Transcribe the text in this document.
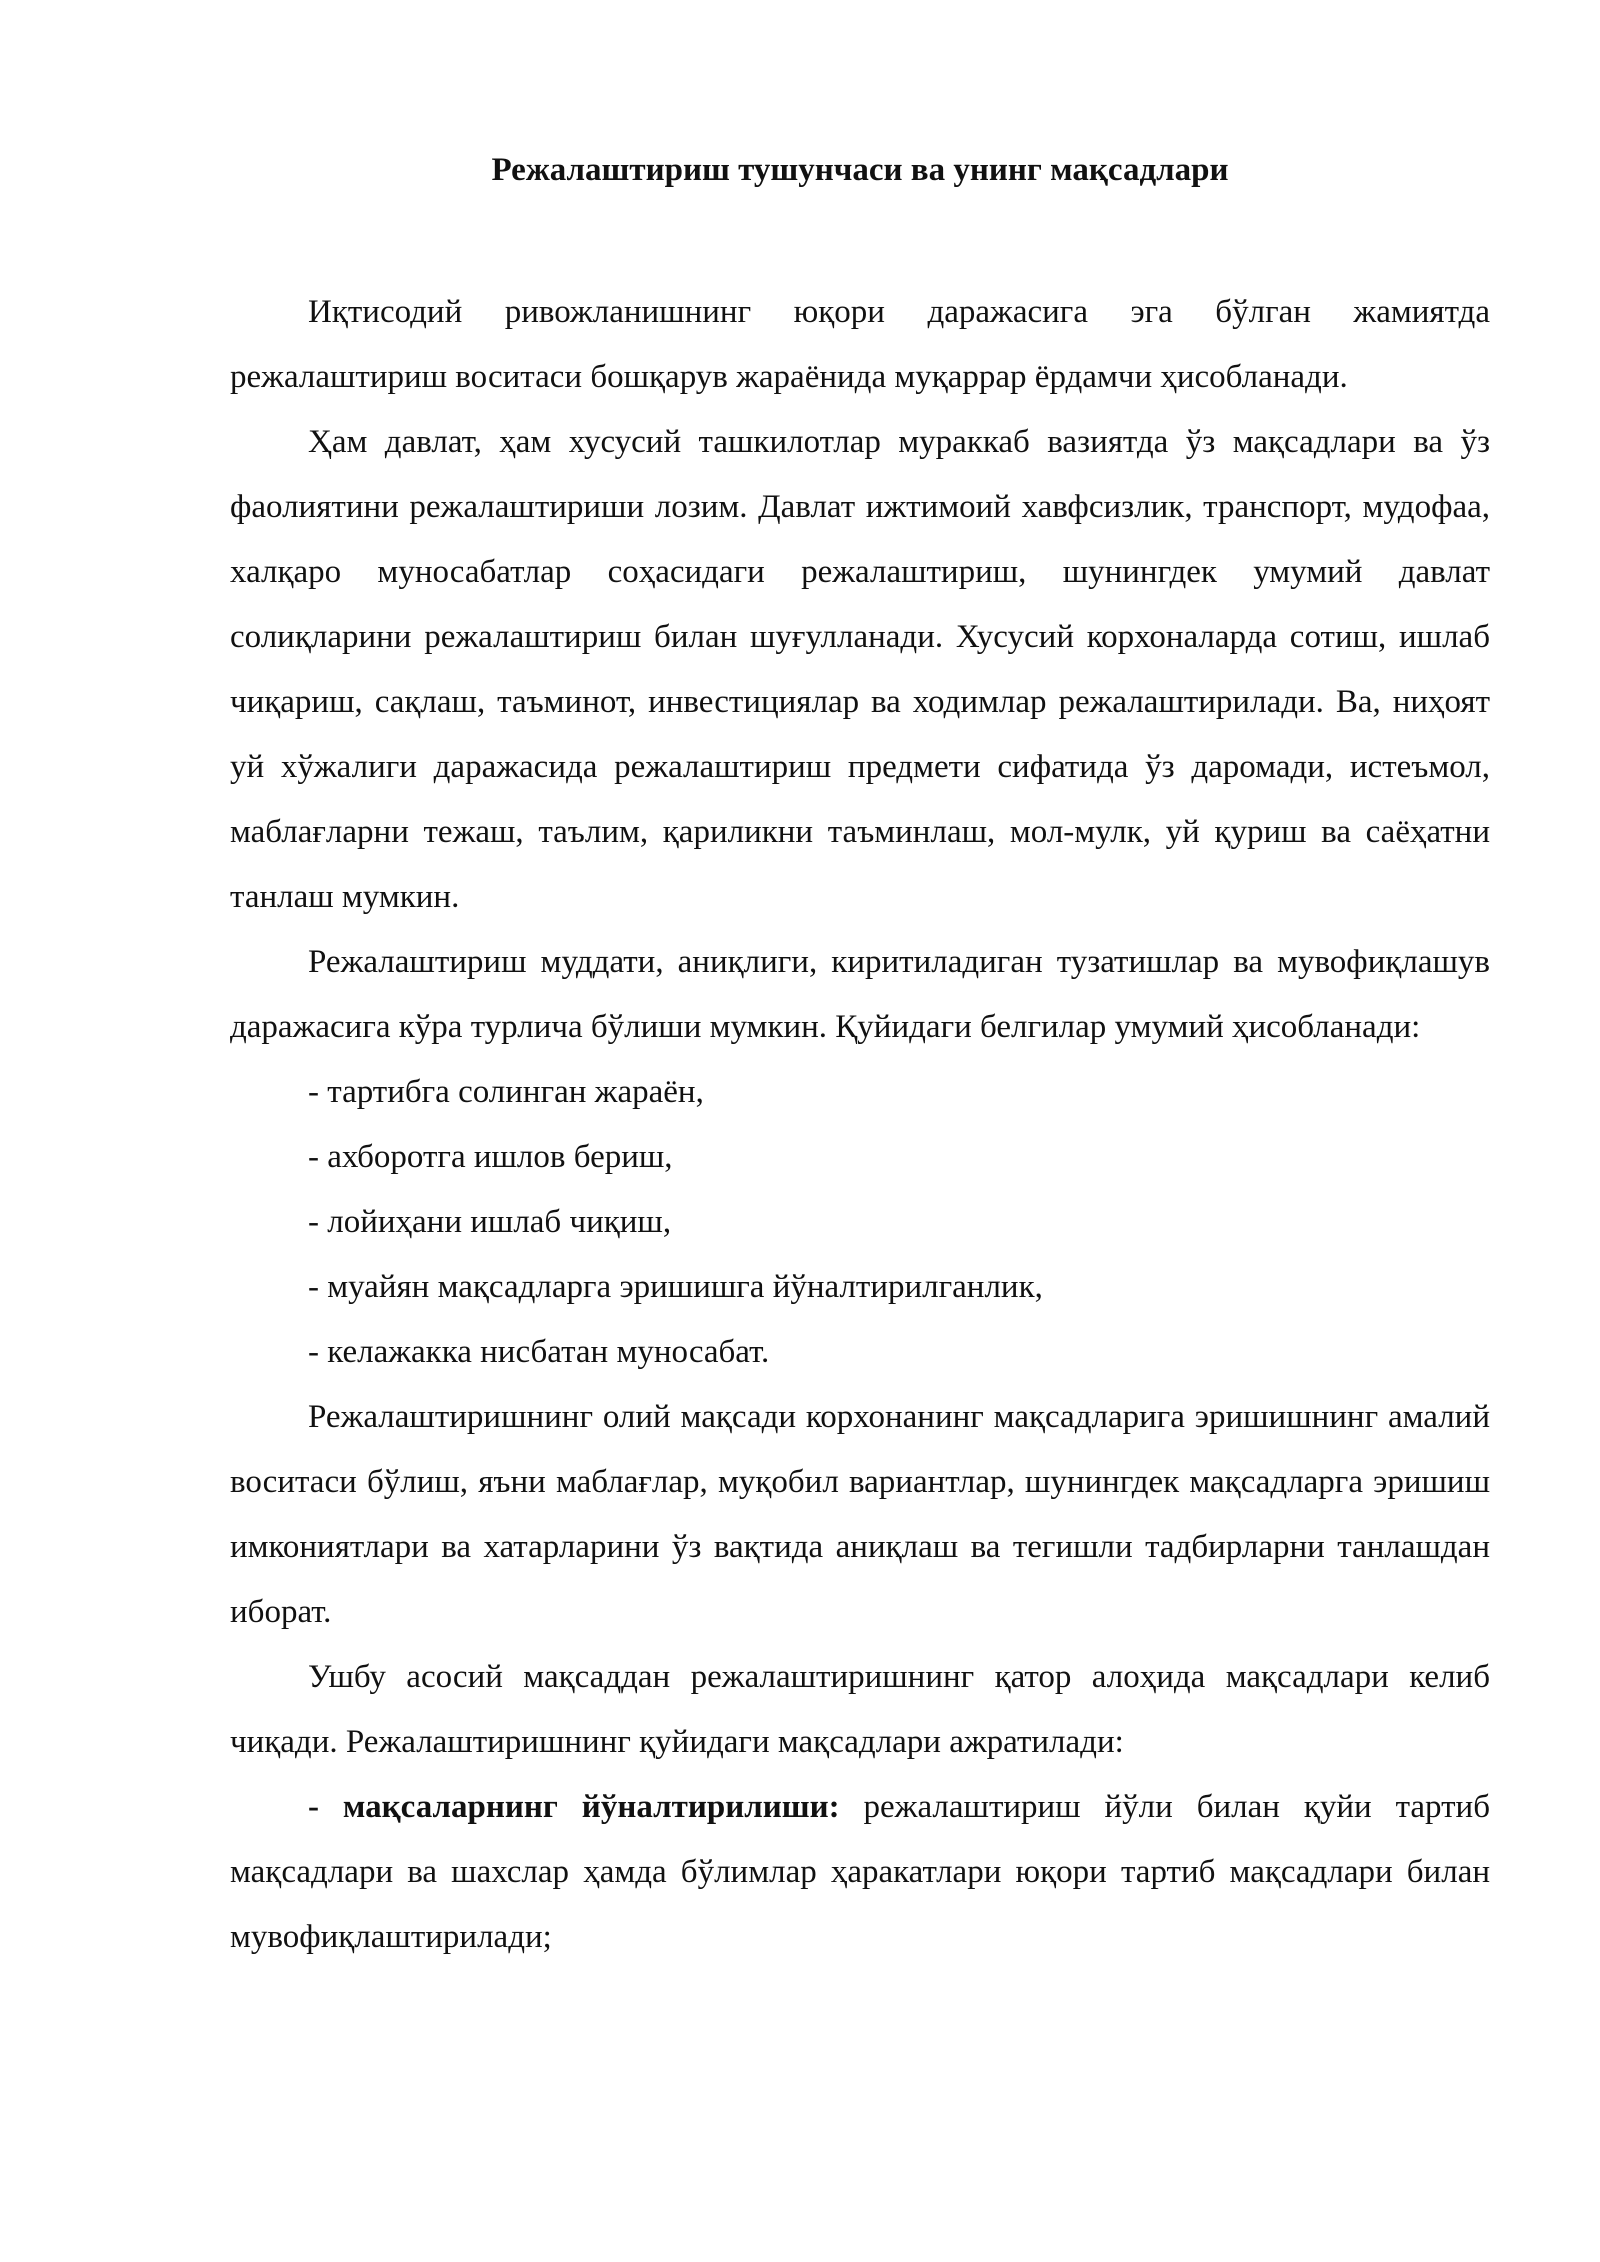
Режалаштириш тушунчаси ва унинг мақсадлари

Иқтисодий ривожланишнинг юқори даражасига эга бўлган жамиятда режалаштириш воситаси бошқарув жараёнида муқаррар ёрдамчи ҳисобланади.

Ҳам давлат, ҳам хусусий ташкилотлар мураккаб вазиятда ўз мақсадлари ва ўз фаолиятини режалаштириши лозим. Давлат ижтимоий хавфсизлик, транспорт, мудофаа, халқаро муносабатлар соҳасидаги режалаштириш, шунингдек умумий давлат солиқларини режалаштириш билан шуғулланади. Хусусий корхоналарда сотиш, ишлаб чиқариш, сақлаш, таъминот, инвестициялар ва ходимлар режалаштирилади. Ва, ниҳоят уй хўжалиги даражасида режалаштириш предмети сифатида ўз даромади, истеъмол, маблағларни тежаш, таълим, қариликни таъминлаш, мол-мулк, уй қуриш ва саёҳатни танлаш мумкин.

Режалаштириш муддати, аниқлиги, киритиладиган тузатишлар ва мувофиқлашув даражасига кўра турлича бўлиши мумкин. Қуйидаги белгилар умумий ҳисобланади:

- тартибга солинган жараён,
- ахборотга ишлов бериш,
- лойиҳани ишлаб чиқиш,
- муайян мақсадларга эришишга йўналтирилганлик,
- келажакка нисбатан муносабат.

Режалаштиришнинг олий мақсади корхонанинг мақсадларига эришишнинг амалий воситаси бўлиш, яъни маблағлар, муқобил вариантлар, шунингдек мақсадларга эришиш имкониятлари ва хатарларини ўз вақтида аниқлаш ва тегишли тадбирларни танлашдан иборат.

Ушбу асосий мақсаддан режалаштиришнинг қатор алоҳида мақсадлари келиб чиқади. Режалаштиришнинг қуйидаги мақсадлари ажратилади:

- мақсаларнинг йўналтирилиши: режалаштириш йўли билан қуйи тартиб мақсадлари ва шахслар ҳамда бўлимлар ҳаракатлари юқори тартиб мақсадлари билан мувофиқлаштирилади;
